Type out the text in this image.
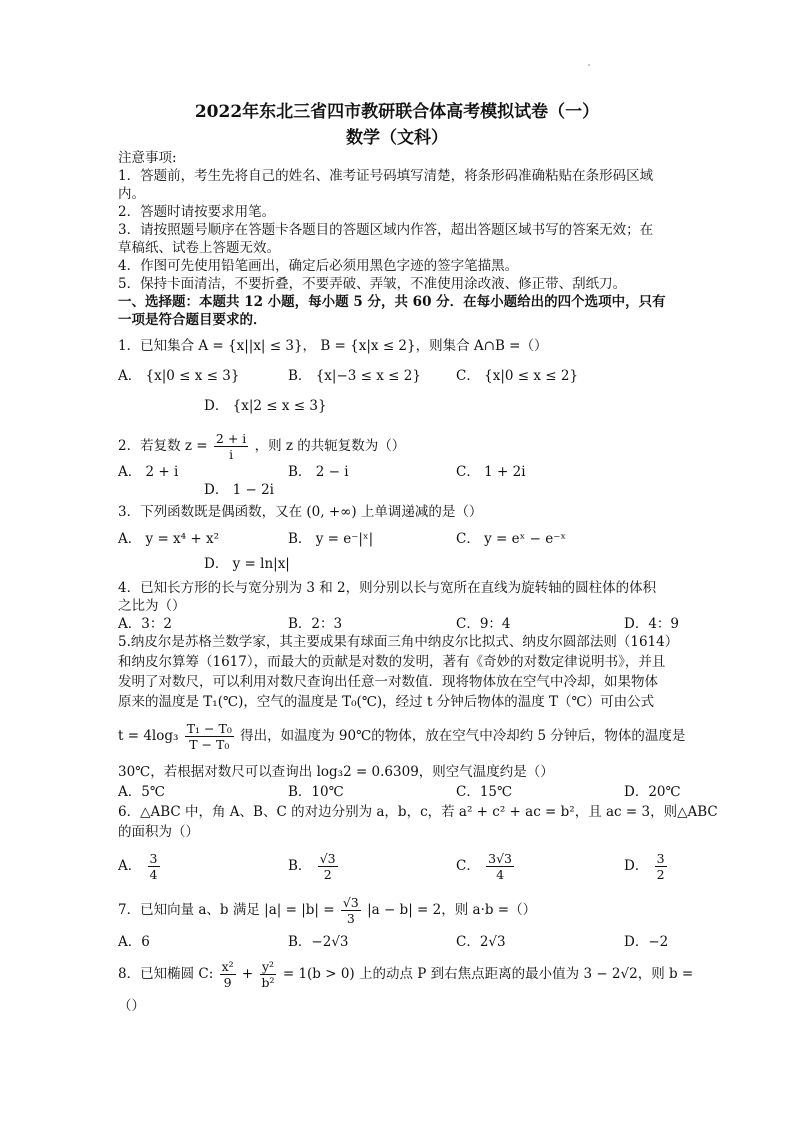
2022年东北三省四市教研联合体高考模拟试卷（一）
数学（文科）
注意事项:
1．答题前，考生先将自己的姓名、准考证号码填写清楚，将条形码准确粘贴在条形码区域
内。
2．答题时请按要求用笔。
3．请按照题号顺序在答题卡各题目的答题区域内作答，超出答题区域书写的答案无效；在
草稿纸、试卷上答题无效。
4．作图可先使用铅笔画出，确定后必须用黑色字迹的签字笔描黑。
5．保持卡面清洁，不要折叠，不要弄破、弄皱，不准使用涂改液、修正带、刮纸刀。
一、选择题：本题共 12 小题，每小题 5 分，共 60 分．在每小题给出的四个选项中，只有
一项是符合题目要求的．
1．已知集合 A = {x||x| ≤ 3}， B = {x|x ≤ 2}，则集合 A∩B =（）
A． {x|0 ≤ x ≤ 3}	B． {x|−3 ≤ x ≤ 2}	C． {x|0 ≤ x ≤ 2}
D． {x|2 ≤ x ≤ 3}
2．若复数 $z = \frac{2 + i}{i}$ ，则 z 的共轭复数为（）
A． 2 + i	B． 2 − i	C． 1 + 2i
D． 1 − 2i
3．下列函数既是偶函数，又在 (0, +∞) 上单调递减的是（）
A． y = x⁴ + x²	B． y = e⁻|ˣ|	C． y = eˣ − e⁻ˣ
D． y = ln|x|
4．已知长方形的长与宽分别为 3 和 2，则分别以长与宽所在直线为旋转轴的圆柱体的体积
之比为（）
A．3：2	B．2：3	C．9：4	D．4：9
5.纳皮尔是苏格兰数学家，其主要成果有球面三角中纳皮尔比拟式、纳皮尔圆部法则（1614）
和纳皮尔算筹（1617），而最大的贡献是对数的发明，著有《奇妙的对数定律说明书》，并且
发明了对数尺，可以利用对数尺查询出任意一对数值．现将物体放在空气中冷却，如果物体
原来的温度是 T₁(℃)，空气的温度是 T₀(℃)，经过 t 分钟后物体的温度 T（℃）可由公式
$t = 4\log_3 \frac{\text{T₁ − T₀}}{\text{T − T₀}}$ 得出，如温度为 90℃的物体，放在空气中冷却约 5 分钟后，物体的温度是
30℃，若根据对数尺可以查询出 log₃2 = 0.6309，则空气温度约是（）
A．5℃	B．10℃	C．15℃	D．20℃
6．△ABC 中，角 A、B、C 的对边分别为 a，b，c，若 a² + c² + ac = b²，且 ac = 3，则△ABC
的面积为（）
A． $\frac{3}{4}$	B． $\frac{√3}{2}$	C． $\frac{3√3}{4}$	D． $\frac{3}{2}$
7．已知向量 a、b 满足 $|a| = |b| = \frac{√3}{3} |a - b| = 2$，则 a·b =（）
A．6	B．−2√3	C．2√3	D．−2
8．已知椭圆 C: $\frac{\text{x²}}{9} + \frac{\text{y²}}{\text{b²}} = 1(b > 0)$ 上的动点 P 到右焦点距离的最小值为 3 − 2√2，则 b =
（）
